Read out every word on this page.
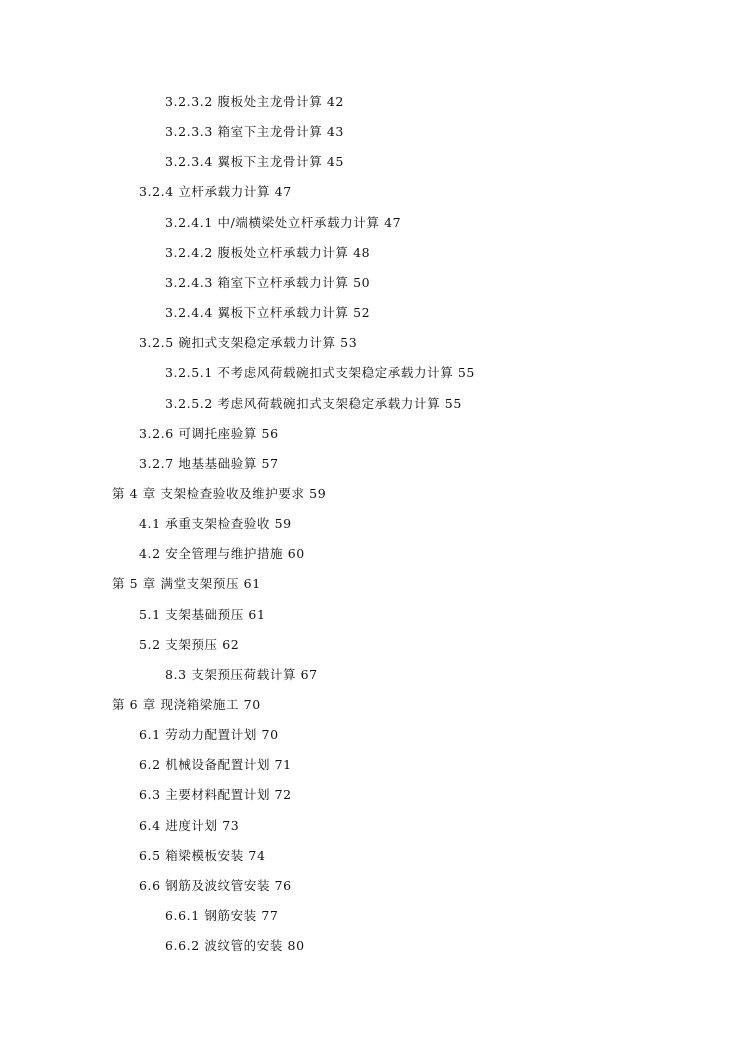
3.2.3.2 腹板处主龙骨计算 42
3.2.3.3 箱室下主龙骨计算 43
3.2.3.4 翼板下主龙骨计算 45
3.2.4 立杆承载力计算 47
3.2.4.1 中/端横梁处立杆承载力计算 47
3.2.4.2 腹板处立杆承载力计算 48
3.2.4.3 箱室下立杆承载力计算 50
3.2.4.4 翼板下立杆承载力计算 52
3.2.5 碗扣式支架稳定承载力计算 53
3.2.5.1 不考虑风荷载碗扣式支架稳定承载力计算 55
3.2.5.2 考虑风荷载碗扣式支架稳定承载力计算 55
3.2.6 可调托座验算 56
3.2.7 地基基础验算 57
第 4 章 支架检查验收及维护要求 59
4.1 承重支架检查验收 59
4.2 安全管理与维护措施 60
第 5 章 满堂支架预压 61
5.1 支架基础预压 61
5.2 支架预压 62
8.3 支架预压荷载计算 67
第 6 章 现浇箱梁施工 70
6.1 劳动力配置计划 70
6.2 机械设备配置计划 71
6.3 主要材料配置计划 72
6.4 进度计划 73
6.5 箱梁模板安装 74
6.6 钢筋及波纹管安装 76
6.6.1 钢筋安装 77
6.6.2 波纹管的安装 80
